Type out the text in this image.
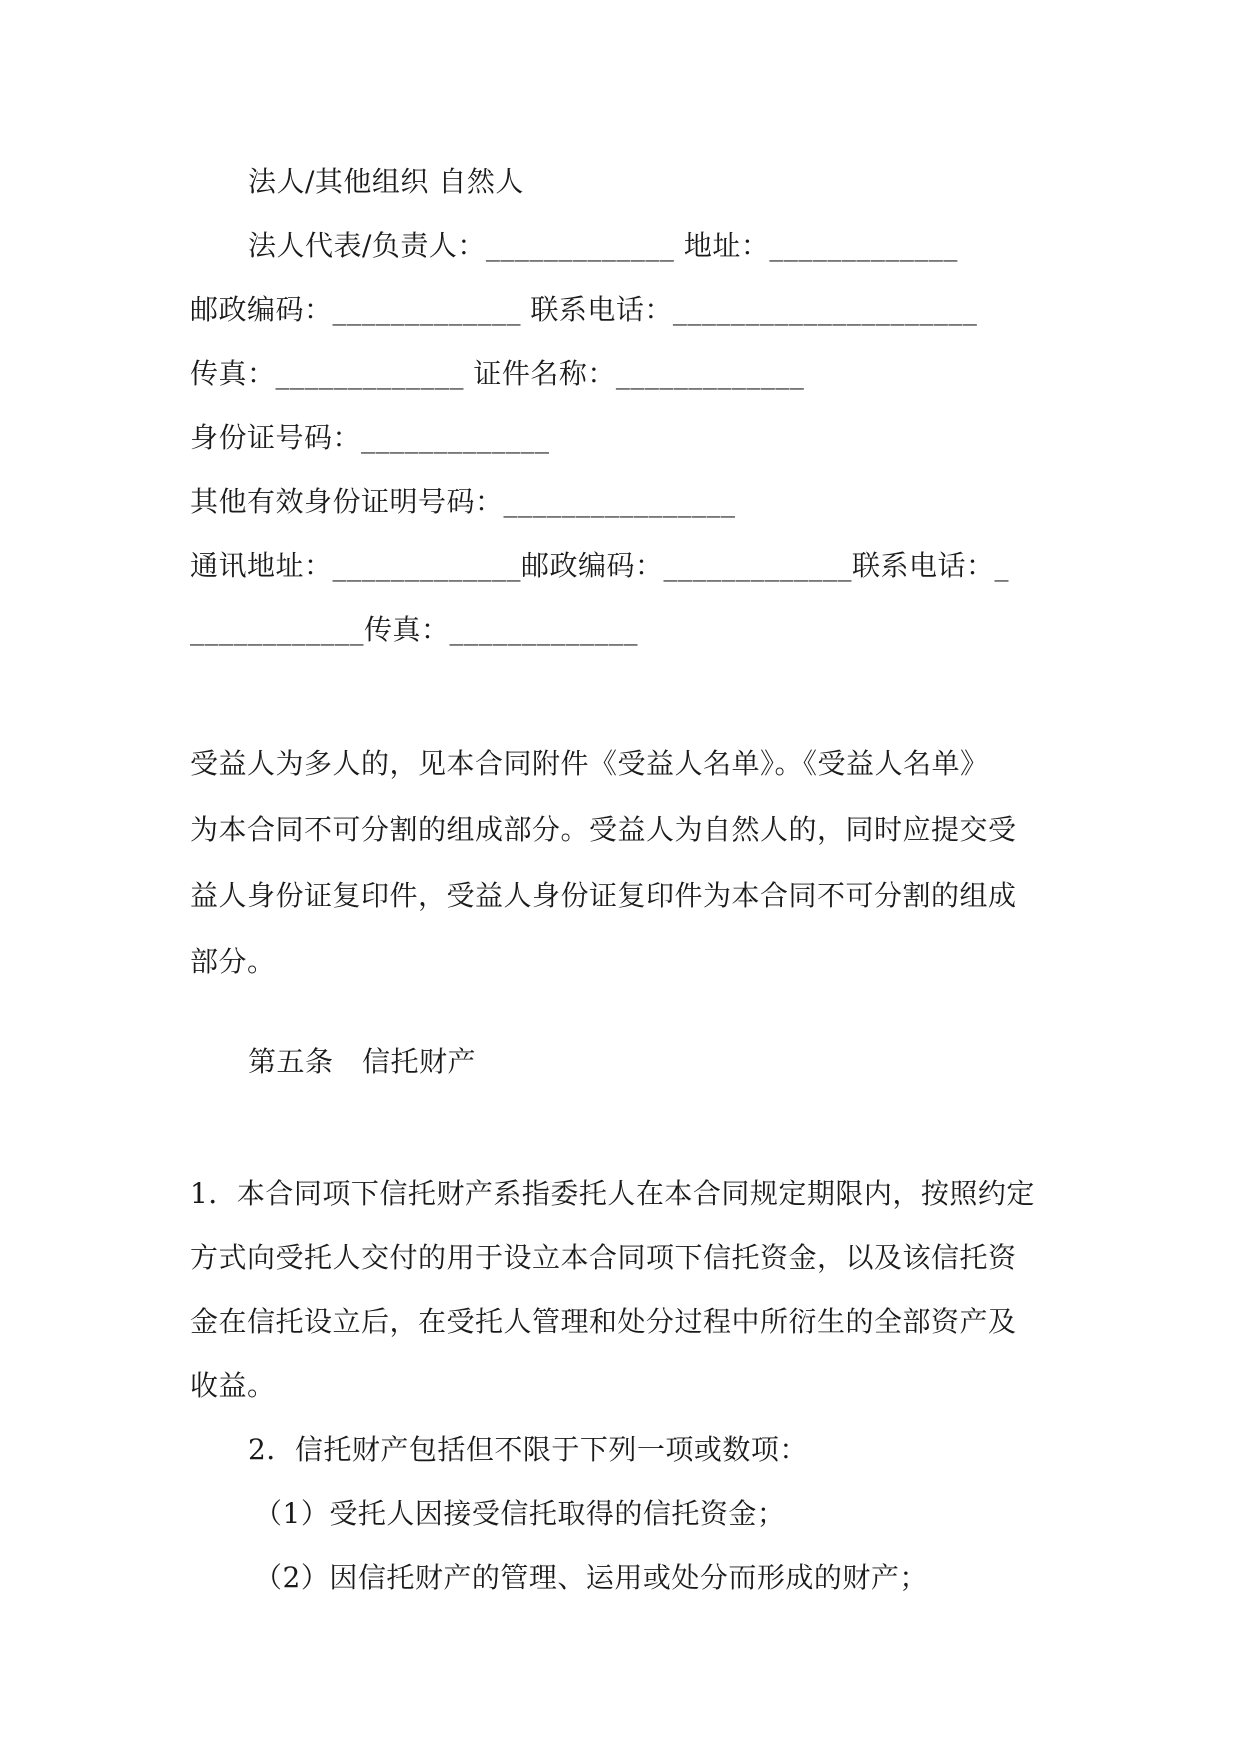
法人/其他组织 自然人
法人代表/负责人：_____________ 地址：_____________
邮政编码：_____________ 联系电话：_____________________
传真：_____________ 证件名称：_____________
身份证号码：_____________
其他有效身份证明号码：________________
通讯地址：_____________邮政编码：_____________联系电话：_
____________传真：_____________
受益人为多人的，见本合同附件《受益人名单》。《受益人名单》
为本合同不可分割的组成部分。受益人为自然人的，同时应提交受
益人身份证复印件，受益人身份证复印件为本合同不可分割的组成
部分。
第五条　信托财产
1．本合同项下信托财产系指委托人在本合同规定期限内，按照约定
方式向受托人交付的用于设立本合同项下信托资金，以及该信托资
金在信托设立后，在受托人管理和处分过程中所衍生的全部资产及
收益。
2．信托财产包括但不限于下列一项或数项：
（1）受托人因接受信托取得的信托资金；
（2）因信托财产的管理、运用或处分而形成的财产；
